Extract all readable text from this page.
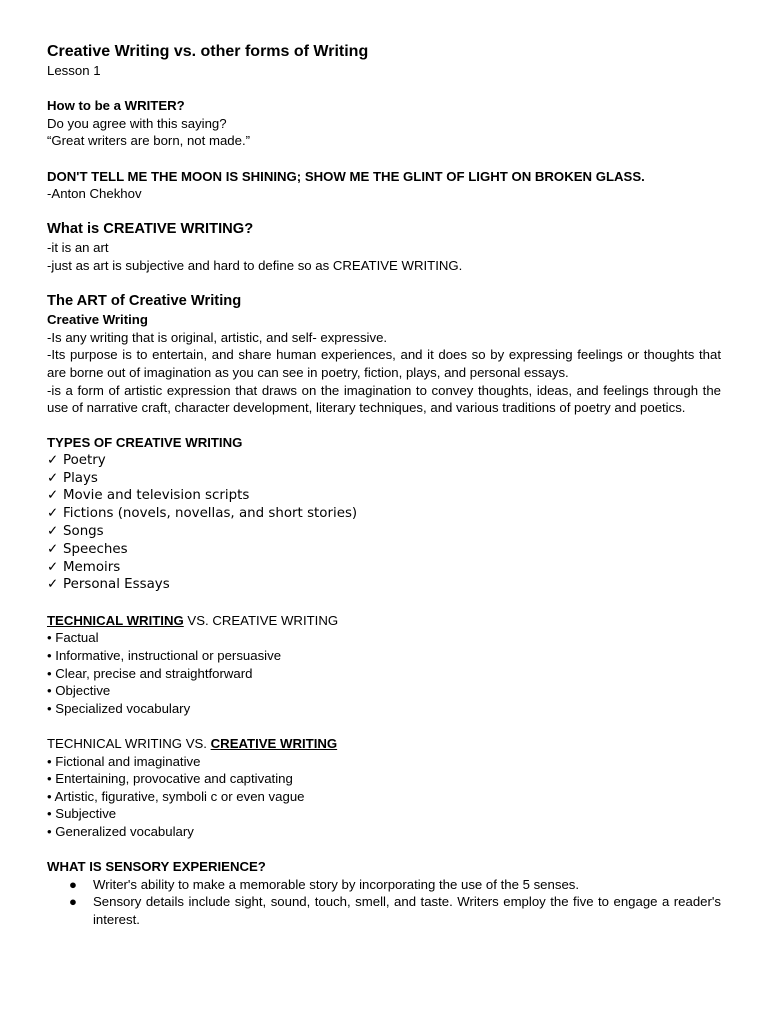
Creative Writing vs. other forms of Writing

Lesson 1

How to be a WRITER?

Do you agree with this saying?

“Great writers are born, not made.”

DON'T TELL ME THE MOON IS SHINING; SHOW ME THE GLINT OF LIGHT ON BROKEN GLASS.

-Anton Chekhov

What is CREATIVE WRITING?

-it is an art

-just as art is subjective and hard to define so as CREATIVE WRITING.

The ART of Creative Writing

Creative Writing

-Is any writing that is original, artistic, and self- expressive.

-Its purpose is to entertain, and share human experiences, and it does so by expressing feelings or thoughts that are borne out of imagination as you can see in poetry, fiction, plays, and personal essays.

-is a form of artistic expression that draws on the imagination to convey thoughts, ideas, and feelings through the use of narrative craft, character development, literary techniques, and various traditions of poetry and poetics.

TYPES OF CREATIVE WRITING

✓ Poetry
✓ Plays
✓ Movie and television scripts
✓ Fictions (novels, novellas, and short stories)
✓ Songs
✓ Speeches
✓ Memoirs
✓ Personal Essays

TECHNICAL WRITING VS. CREATIVE WRITING

• Factual
• Informative, instructional or persuasive
• Clear, precise and straightforward
• Objective
• Specialized vocabulary

TECHNICAL WRITING VS. CREATIVE WRITING

• Fictional and imaginative
• Entertaining, provocative and captivating
• Artistic, figurative, symboli c or even vague
• Subjective
• Generalized vocabulary

WHAT IS SENSORY EXPERIENCE?

● Writer's ability to make a memorable story by incorporating the use of the 5 senses.
● Sensory details include sight, sound, touch, smell, and taste. Writers employ the five to engage a reader's interest.
